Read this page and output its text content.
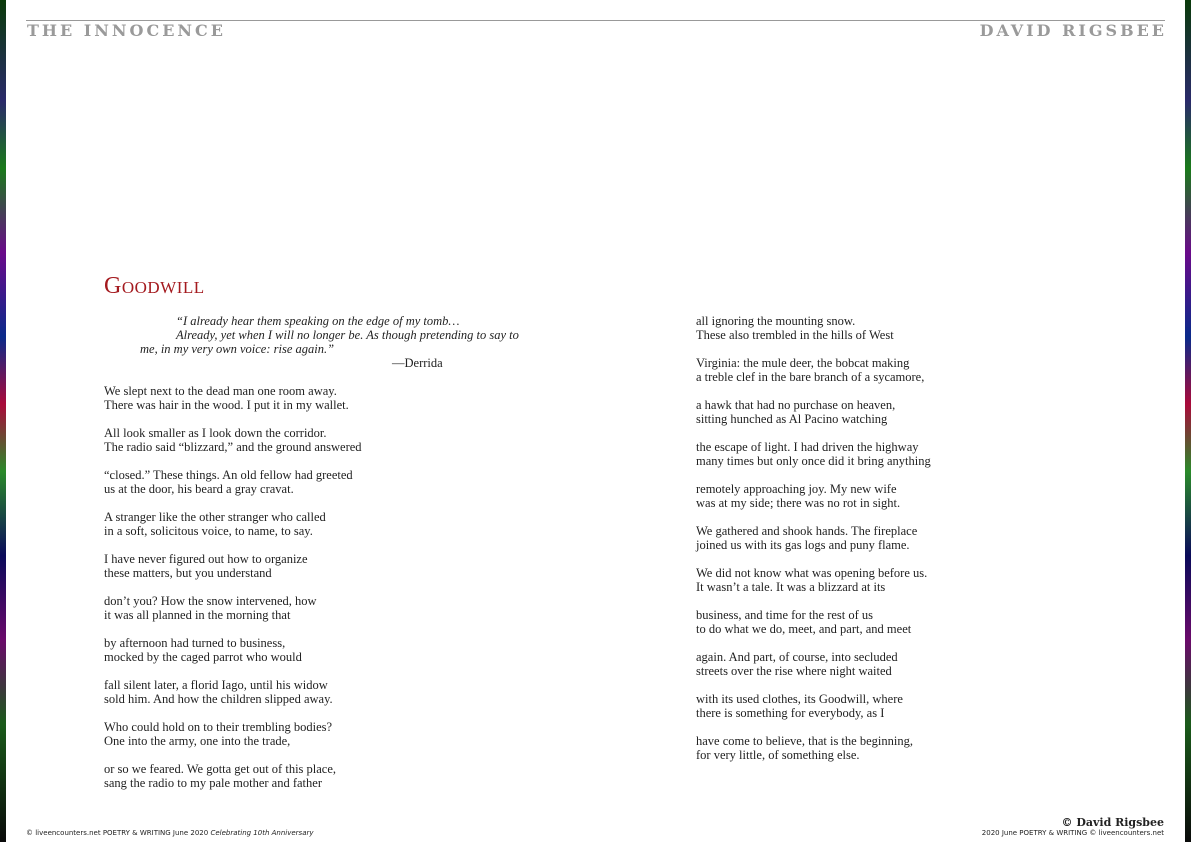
THE INNOCENCE	DAVID RIGSBEE
Goodwill
“I already hear them speaking on the edge of my tomb…
Already, yet when I will no longer be. As though pretending to say to
me, in my very own voice: rise again.”
—Derrida
We slept next to the dead man one room away.
There was hair in the wood. I put it in my wallet.
All look smaller as I look down the corridor.
The radio said “blizzard,” and the ground answered
“closed.” These things. An old fellow had greeted
us at the door, his beard a gray cravat.
A stranger like the other stranger who called
in a soft, solicitous voice, to name, to say.
I have never figured out how to organize
these matters, but you understand
don’t you? How the snow intervened, how
it was all planned in the morning that
by afternoon had turned to business,
mocked by the caged parrot who would
fall silent later, a florid Iago, until his widow
sold him. And how the children slipped away.
Who could hold on to their trembling bodies?
One into the army, one into the trade,
or so we feared. We gotta get out of this place,
sang the radio to my pale mother and father
all ignoring the mounting snow.
These also trembled in the hills of West
Virginia: the mule deer, the bobcat making
a treble clef in the bare branch of a sycamore,
a hawk that had no purchase on heaven,
sitting hunched as Al Pacino watching
the escape of light. I had driven the highway
many times but only once did it bring anything
remotely approaching joy. My new wife
was at my side; there was no rot in sight.
We gathered and shook hands. The fireplace
joined us with its gas logs and puny flame.
We did not know what was opening before us.
It wasn’t a tale. It was a blizzard at its
business, and time for the rest of us
to do what we do, meet, and part, and meet
again. And part, of course, into secluded
streets over the rise where night waited
with its used clothes, its Goodwill, where
there is something for everybody, as I
have come to believe, that is the beginning,
for very little, of something else.
© David Rigsbee
© liveencounters.net POETRY & WRITING June 2020 Celebrating 10th Anniversary	2020 June POETRY & WRITING © liveencounters.net
